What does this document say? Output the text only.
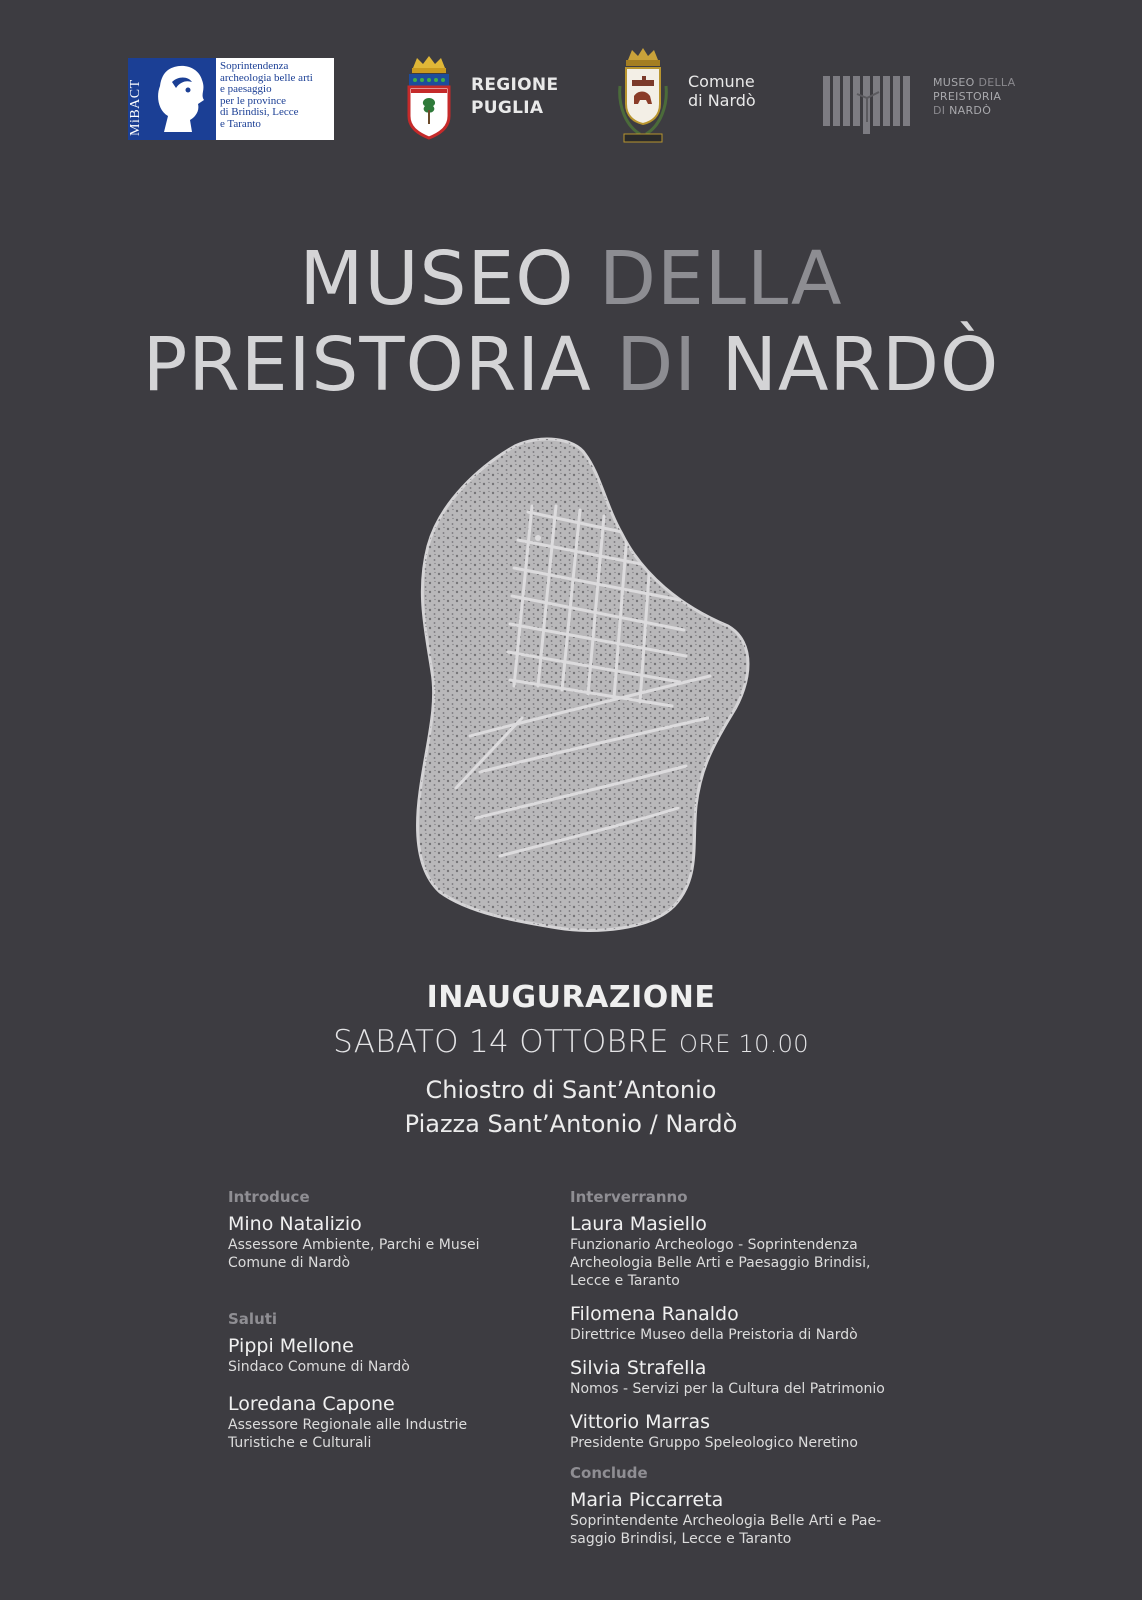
MiBACT
Soprintendenza
archeologia belle arti
e paesaggio
per le province
di Brindisi, Lecce
e Taranto
REGIONE
PUGLIA
Comune
di Nardò
MUSEO DELLA
PREISTORIA
DI NARDÒ
MUSEO DELLA
PREISTORIA DI NARDÒ
INAUGURAZIONE
SABATO 14 OTTOBRE ORE 10.00
Chiostro di Sant’Antonio
Piazza Sant’Antonio / Nardò
Introduce
Mino Natalizio
Assessore Ambiente, Parchi e Musei
Comune di Nardò
Saluti
Pippi Mellone
Sindaco Comune di Nardò
Loredana Capone
Assessore Regionale alle Industrie
Turistiche e Culturali
Interverranno
Laura Masiello
Funzionario Archeologo - Soprintendenza
Archeologia Belle Arti e Paesaggio Brindisi,
Lecce e Taranto
Filomena Ranaldo
Direttrice Museo della Preistoria di Nardò
Silvia Strafella
Nomos - Servizi per la Cultura del Patrimonio
Vittorio Marras
Presidente Gruppo Speleologico Neretino
Conclude
Maria Piccarreta
Soprintendente Archeologia Belle Arti e Pae-
saggio Brindisi, Lecce e Taranto
